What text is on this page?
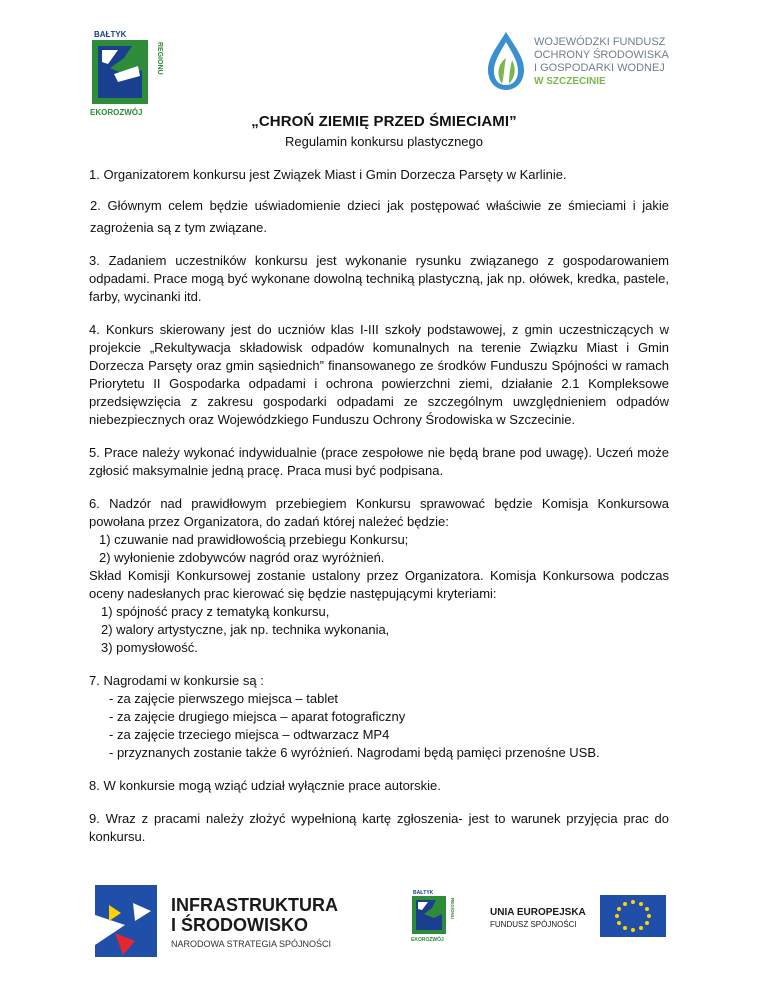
BAŁTYK
REGIONU
EKOROZWÓJ
WOJEWÓDZKI FUNDUSZ
OCHRONY ŚRODOWISKA
I GOSPODARKI WODNEJ
W SZCZECINIE
„CHROŃ ZIEMIĘ PRZED ŚMIECIAMI”
Regulamin konkursu plastycznego

1. Organizatorem konkursu jest Związek Miast i Gmin Dorzecza Parsęty w Karlinie.

2. Głównym celem będzie uświadomienie dzieci jak postępować właściwie ze śmieciami i jakie zagrożenia są z tym związane.

3. Zadaniem uczestników konkursu jest wykonanie rysunku związanego z gospodarowaniem odpadami. Prace mogą być wykonane dowolną techniką plastyczną, jak np. ołówek, kredka, pastele, farby, wycinanki itd.

4. Konkurs skierowany jest do uczniów klas I-III szkoły podstawowej, z gmin uczestniczących w projekcie „Rekultywacja składowisk odpadów komunalnych na terenie Związku Miast i Gmin Dorzecza Parsęty oraz gmin sąsiednich” finansowanego ze środków Funduszu Spójności w ramach Priorytetu II Gospodarka odpadami i ochrona powierzchni ziemi, działanie 2.1 Kompleksowe przedsięwzięcia z zakresu gospodarki odpadami ze szczególnym uwzględnieniem odpadów niebezpiecznych oraz Wojewódzkiego Funduszu Ochrony Środowiska w Szczecinie.

5. Prace należy wykonać indywidualnie (prace zespołowe nie będą brane pod uwagę). Uczeń może zgłosić maksymalnie jedną pracę. Praca musi być podpisana.

6. Nadzór nad prawidłowym przebiegiem Konkursu sprawować będzie Komisja Konkursowa powołana przez Organizatora, do zadań której należeć będzie:
1) czuwanie nad prawidłowością przebiegu Konkursu;
2) wyłonienie zdobywców nagród oraz wyróżnień.
Skład Komisji Konkursowej zostanie ustalony przez Organizatora. Komisja Konkursowa podczas oceny nadesłanych prac kierować się będzie następującymi kryteriami:
1) spójność pracy z tematyką konkursu,
2) walory artystyczne, jak np. technika wykonania,
3) pomysłowość.
7. Nagrodami w konkursie są :
- za zajęcie pierwszego miejsca – tablet
- za zajęcie drugiego miejsca – aparat fotograficzny
- za zajęcie trzeciego miejsca – odtwarzacz MP4
- przyznanych zostanie także 6 wyróżnień. Nagrodami będą pamięci przenośne USB.

8. W konkursie mogą wziąć udział wyłącznie prace autorskie.

9. Wraz z pracami należy złożyć wypełnioną kartę zgłoszenia- jest to warunek przyjęcia prac do konkursu.

INFRASTRUKTURA
I ŚRODOWISKO
NARODOWA STRATEGIA SPÓJNOŚCI
BAŁTYK
REGIONU
EKOROZWÓJ
UNIA EUROPEJSKA
FUNDUSZ SPÓJNOŚCI
